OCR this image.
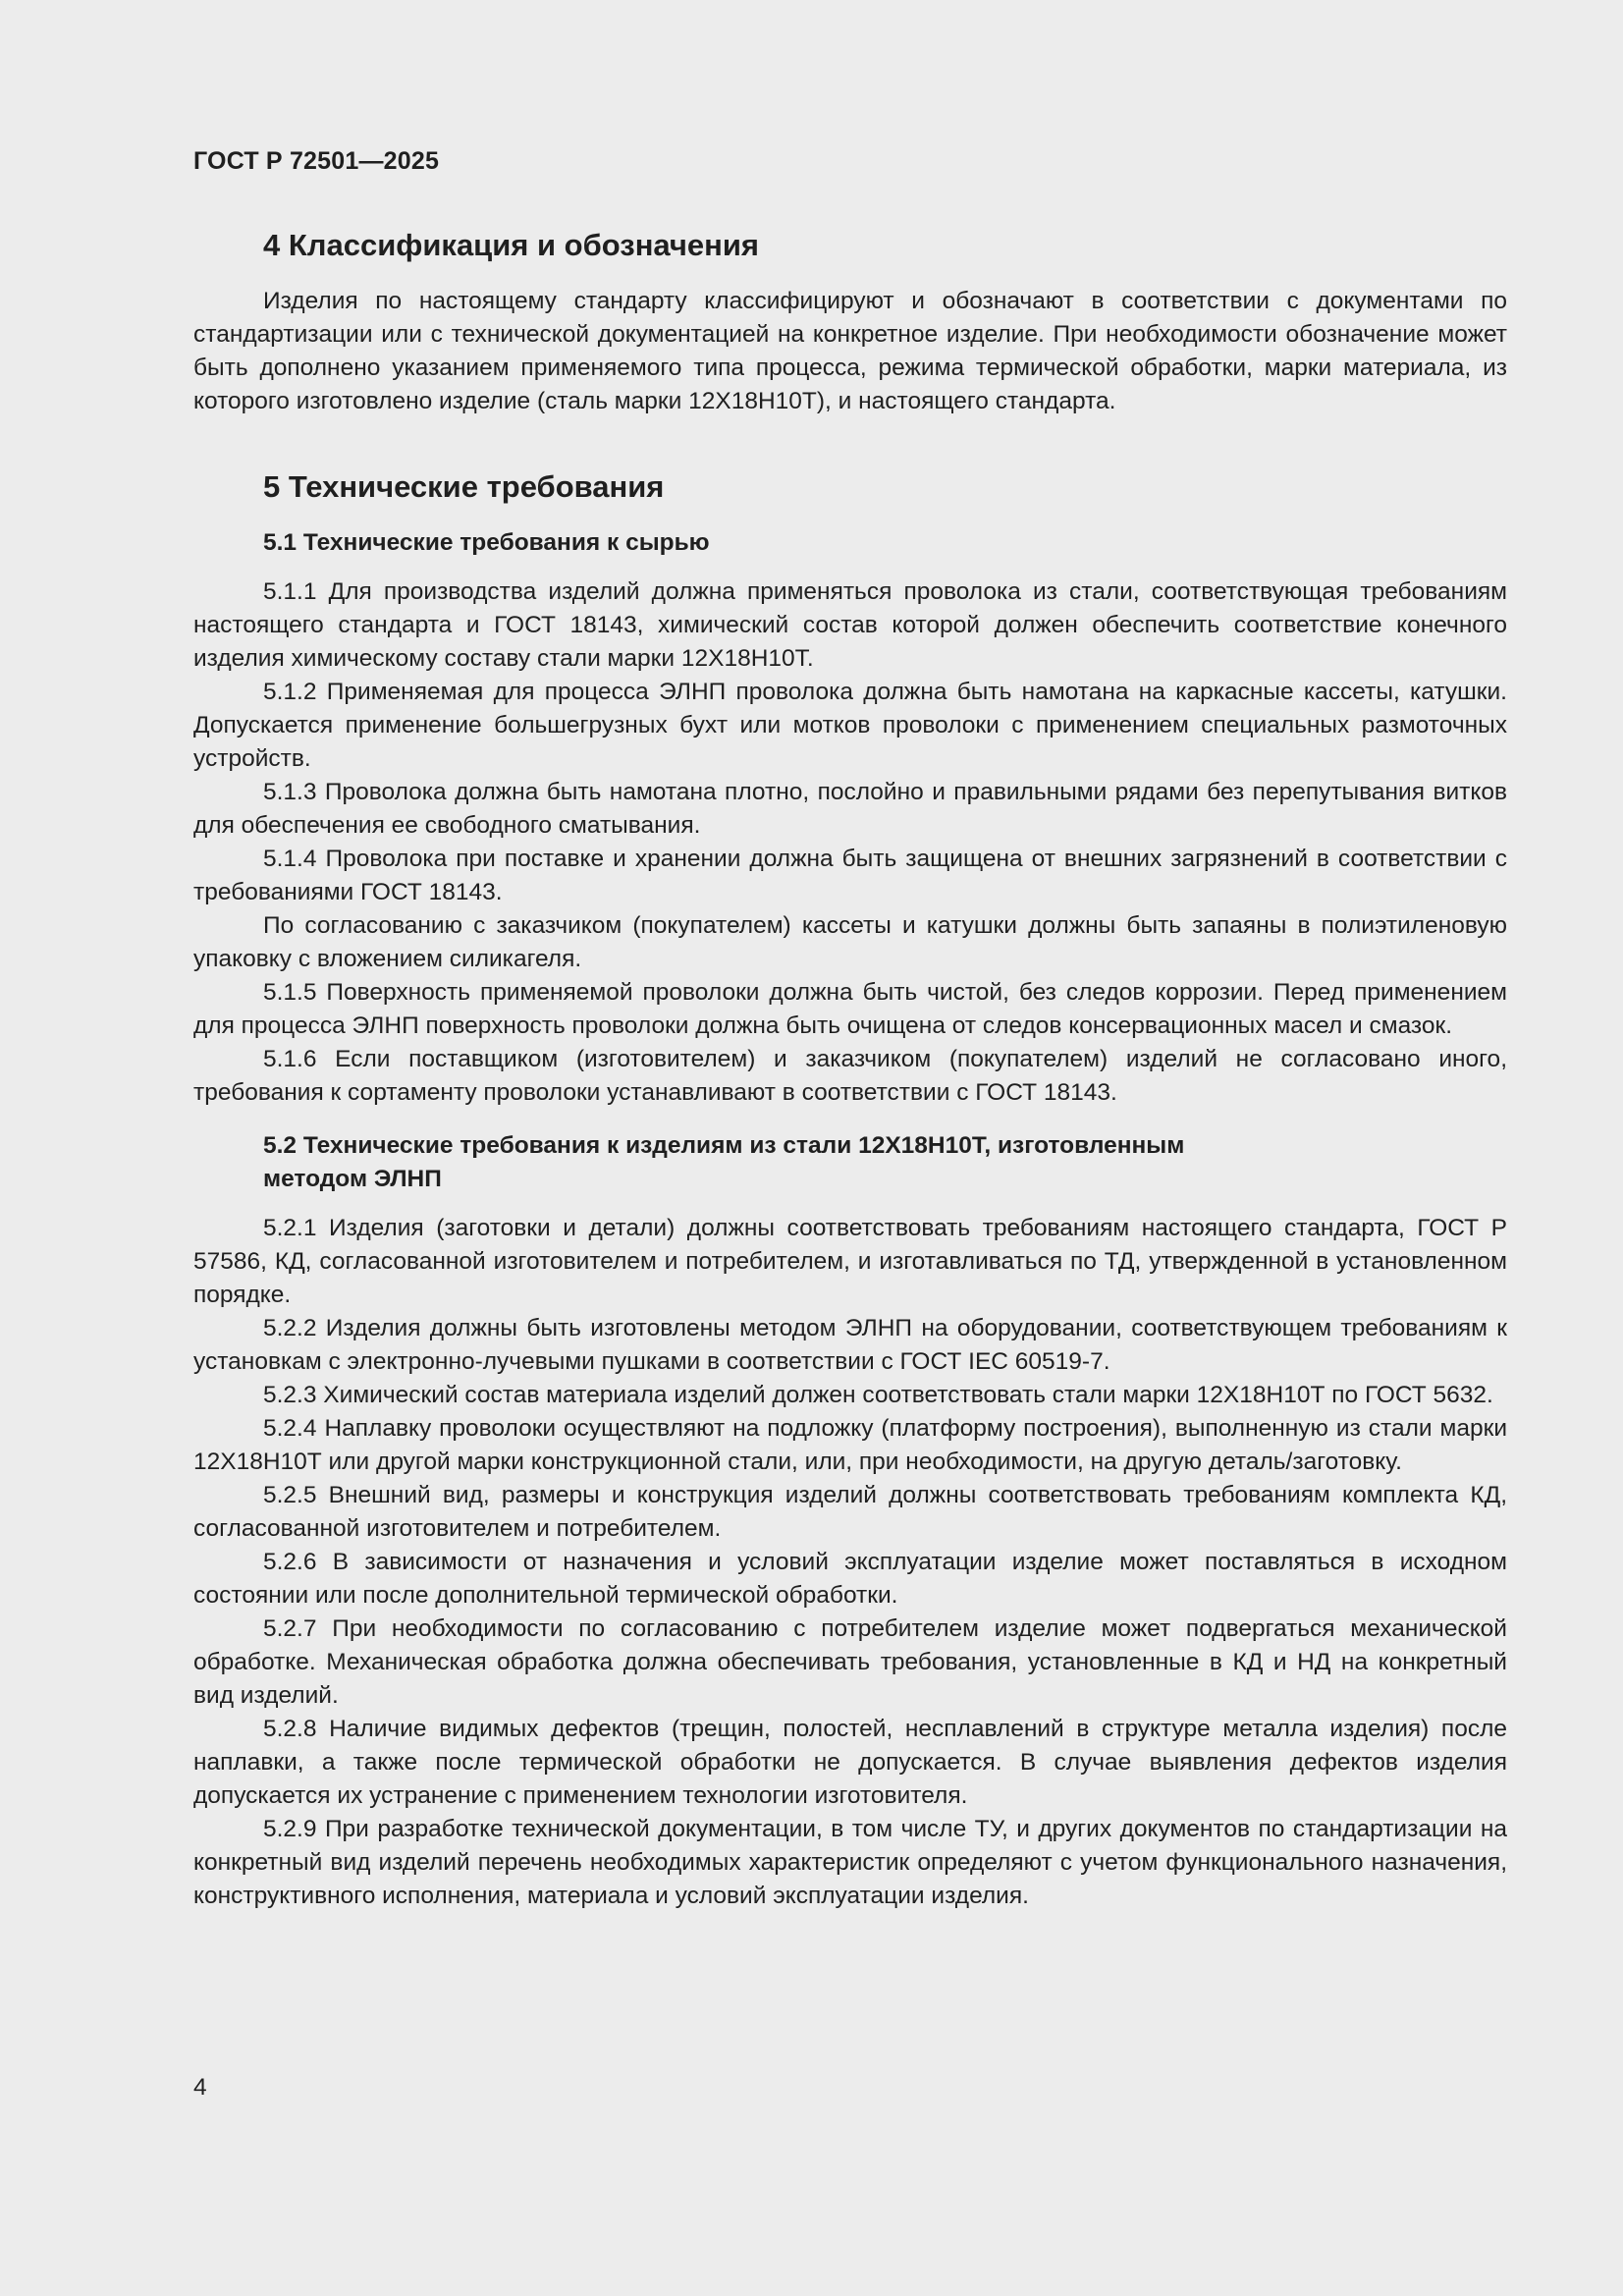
ГОСТ Р 72501—2025
4 Классификация и обозначения

Изделия по настоящему стандарту классифицируют и обозначают в соответствии с документами по стандартизации или с технической документацией на конкретное изделие. При необходимости обозначение может быть дополнено указанием применяемого типа процесса, режима термической обработки, марки материала, из которого изготовлено изделие (сталь марки 12Х18Н10Т), и настоящего стандарта.

5 Технические требования
5.1 Технические требования к сырью

5.1.1 Для производства изделий должна применяться проволока из стали, соответствующая требованиям настоящего стандарта и ГОСТ 18143, химический состав которой должен обеспечить соответствие конечного изделия химическому составу стали марки 12Х18Н10Т.

5.1.2 Применяемая для процесса ЭЛНП проволока должна быть намотана на каркасные кассеты, катушки. Допускается применение большегрузных бухт или мотков проволоки с применением специальных размоточных устройств.

5.1.3 Проволока должна быть намотана плотно, послойно и правильными рядами без перепутывания витков для обеспечения ее свободного сматывания.

5.1.4 Проволока при поставке и хранении должна быть защищена от внешних загрязнений в соответствии с требованиями ГОСТ 18143.

По согласованию с заказчиком (покупателем) кассеты и катушки должны быть запаяны в полиэтиленовую упаковку с вложением силикагеля.

5.1.5 Поверхность применяемой проволоки должна быть чистой, без следов коррозии. Перед применением для процесса ЭЛНП поверхность проволоки должна быть очищена от следов консервационных масел и смазок.

5.1.6 Если поставщиком (изготовителем) и заказчиком (покупателем) изделий не согласовано иного, требования к сортаменту проволоки устанавливают в соответствии с ГОСТ 18143.

5.2 Технические требования к изделиям из стали 12Х18Н10Т, изготовленным
методом ЭЛНП

5.2.1 Изделия (заготовки и детали) должны соответствовать требованиям настоящего стандарта, ГОСТ Р 57586, КД, согласованной изготовителем и потребителем, и изготавливаться по ТД, утвержденной в установленном порядке.

5.2.2 Изделия должны быть изготовлены методом ЭЛНП на оборудовании, соответствующем требованиям к установкам с электронно-лучевыми пушками в соответствии с ГОСТ IEC 60519-7.

5.2.3 Химический состав материала изделий должен соответствовать стали марки 12Х18Н10Т по ГОСТ 5632.

5.2.4 Наплавку проволоки осуществляют на подложку (платформу построения), выполненную из стали марки 12Х18Н10Т или другой марки конструкционной стали, или, при необходимости, на другую деталь/заготовку.

5.2.5 Внешний вид, размеры и конструкция изделий должны соответствовать требованиям комплекта КД, согласованной изготовителем и потребителем.

5.2.6 В зависимости от назначения и условий эксплуатации изделие может поставляться в исходном состоянии или после дополнительной термической обработки.

5.2.7 При необходимости по согласованию с потребителем изделие может подвергаться механической обработке. Механическая обработка должна обеспечивать требования, установленные в КД и НД на конкретный вид изделий.

5.2.8 Наличие видимых дефектов (трещин, полостей, несплавлений в структуре металла изделия) после наплавки, а также после термической обработки не допускается. В случае выявления дефектов изделия допускается их устранение с применением технологии изготовителя.

5.2.9 При разработке технической документации, в том числе ТУ, и других документов по стандартизации на конкретный вид изделий перечень необходимых характеристик определяют с учетом функционального назначения, конструктивного исполнения, материала и условий эксплуатации изделия.

4
